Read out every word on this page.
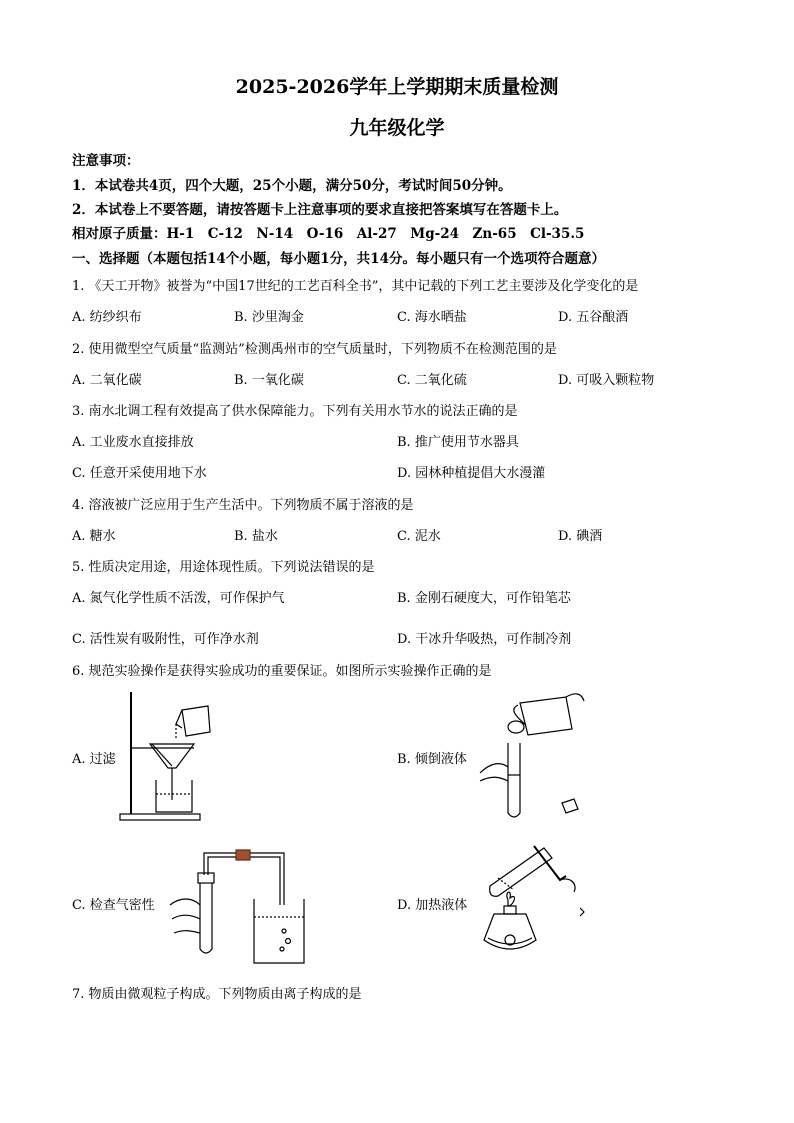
2025-2026学年上学期期末质量检测
九年级化学
注意事项：
1．本试卷共4页，四个大题，25个小题，满分50分，考试时间50分钟。
2．本试卷上不要答题，请按答题卡上注意事项的要求直接把答案填写在答题卡上。
相对原子质量：H-1　C-12　N-14　O-16　Al-27　Mg-24　Zn-65　Cl-35.5
一、选择题（本题包括14个小题，每小题1分，共14分。每小题只有一个选项符合题意）
1. 《天工开物》被誉为“中国17世纪的工艺百科全书”，其中记载的下列工艺主要涉及化学变化的是
A. 纺纱织布	B. 沙里淘金	C. 海水晒盐	D. 五谷酿酒
2. 使用微型空气质量“监测站”检测禹州市的空气质量时，下列物质不在检测范围的是
A. 二氧化碳	B. 一氧化碳	C. 二氧化硫	D. 可吸入颗粒物
3. 南水北调工程有效提高了供水保障能力。下列有关用水节水的说法正确的是
A. 工业废水直接排放	B. 推广使用节水器具
C. 任意开采使用地下水	D. 园林种植提倡大水漫灌
4. 溶液被广泛应用于生产生活中。下列物质不属于溶液的是
A. 糖水	B. 盐水	C. 泥水	D. 碘酒
5. 性质决定用途，用途体现性质。下列说法错误的是
A. 氮气化学性质不活泼，可作保护气	B. 金刚石硬度大，可作铅笔芯
C. 活性炭有吸附性，可作净水剂	D. 干冰升华吸热，可作制冷剂
6. 规范实验操作是获得实验成功的重要保证。如图所示实验操作正确的是
A. 过滤	B. 倾倒液体
C. 检查气密性	D. 加热液体
7. 物质由微观粒子构成。下列物质由离子构成的是
